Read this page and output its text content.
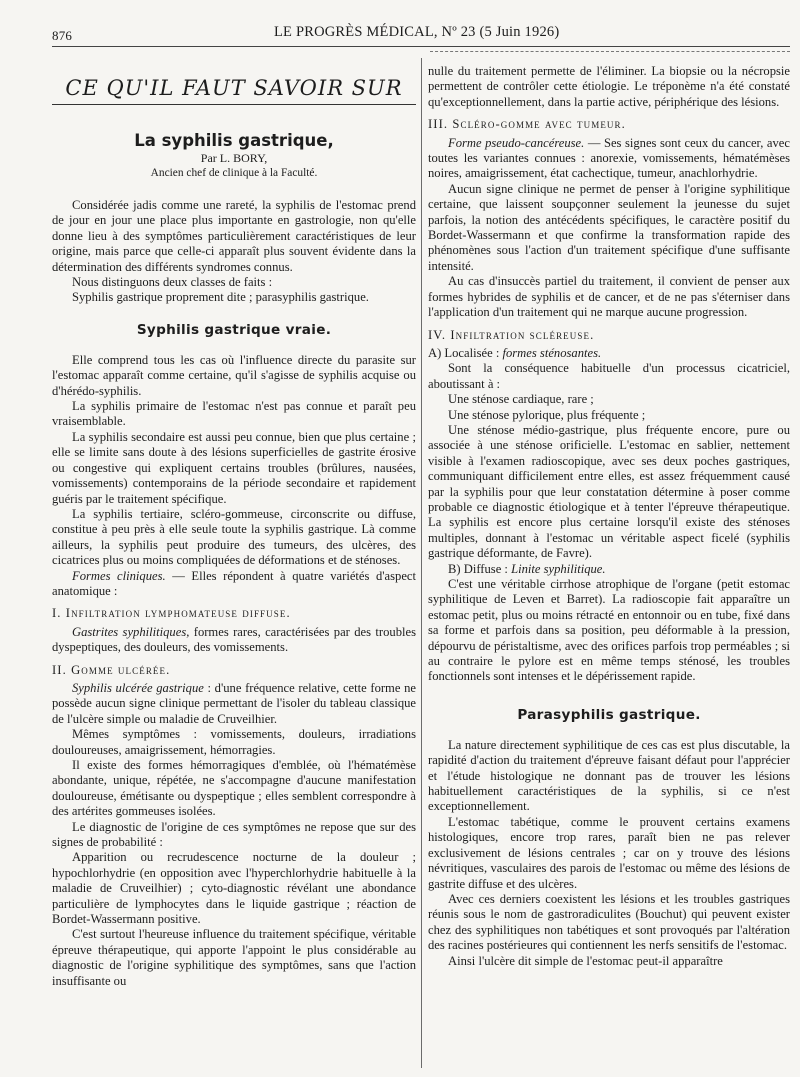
876	LE PROGRÈS MÉDICAL, Nº 23 (5 Juin 1926)
CE QU'IL FAUT SAVOIR SUR
La syphilis gastrique,

Par L. BORY,

Ancien chef de clinique à la Faculté.

Considérée jadis comme une rareté, la syphilis de l'estomac prend de jour en jour une place plus importante en gastrologie, non qu'elle donne lieu à des symptômes particulièrement caractéristiques de leur origine, mais parce que celle-ci apparaît plus souvent évidente dans la détermination des différents syndromes connus.

Nous distinguons deux classes de faits :

Syphilis gastrique proprement dite ; parasyphilis gastrique.

Syphilis gastrique vraie.

Elle comprend tous les cas où l'influence directe du parasite sur l'estomac apparaît comme certaine, qu'il s'agisse de syphilis acquise ou d'hérédo-syphilis.

La syphilis primaire de l'estomac n'est pas connue et paraît peu vraisemblable.

La syphilis secondaire est aussi peu connue, bien que plus certaine ; elle se limite sans doute à des lésions superficielles de gastrite érosive ou congestive qui expliquent certains troubles (brûlures, nausées, vomissements) contemporains de la période secondaire et rapidement guéris par le traitement spécifique.

La syphilis tertiaire, scléro-gommeuse, circonscrite ou diffuse, constitue à peu près à elle seule toute la syphilis gastrique. Là comme ailleurs, la syphilis peut produire des tumeurs, des ulcères, des cicatrices plus ou moins compliquées de déformations et de sténoses.

Formes cliniques. — Elles répondent à quatre variétés d'aspect anatomique :

I. Infiltration lymphomateuse diffuse.

Gastrites syphilitiques, formes rares, caractérisées par des troubles dyspeptiques, des douleurs, des vomissements.

II. Gomme ulcérée.

Syphilis ulcérée gastrique : d'une fréquence relative, cette forme ne possède aucun signe clinique permettant de l'isoler du tableau classique de l'ulcère simple ou maladie de Cruveilhier.

Mêmes symptômes : vomissements, douleurs, irradiations douloureuses, amaigrissement, hémorragies.

Il existe des formes hémorragiques d'emblée, où l'hématémèse abondante, unique, répétée, ne s'accompagne d'aucune manifestation douloureuse, émétisante ou dyspeptique ; elles semblent correspondre à des artérites gommeuses isolées.

Le diagnostic de l'origine de ces symptômes ne repose que sur des signes de probabilité :

Apparition ou recrudescence nocturne de la douleur ; hypochlorhydrie (en opposition avec l'hyperchlorhydrie habituelle à la maladie de Cruveilhier) ; cyto-diagnostic révélant une abondance particulière de lymphocytes dans le liquide gastrique ; réaction de Bordet-Wassermann positive.

C'est surtout l'heureuse influence du traitement spécifique, véritable épreuve thérapeutique, qui apporte l'appoint le plus considérable au diagnostic de l'origine syphilitique des symptômes, sans que l'action insuffisante ou

nulle du traitement permette de l'éliminer. La biopsie ou la nécropsie permettent de contrôler cette étiologie. Le tréponème n'a été constaté qu'exceptionnellement, dans la partie active, périphérique des lésions.

III. Scléro-gomme avec tumeur.

Forme pseudo-cancéreuse. — Ses signes sont ceux du cancer, avec toutes les variantes connues : anorexie, vomissements, hématémèses noires, amaigrissement, état cachectique, tumeur, anachlorhydrie.

Aucun signe clinique ne permet de penser à l'origine syphilitique certaine, que laissent soupçonner seulement la jeunesse du sujet parfois, la notion des antécédents spécifiques, le caractère positif du Bordet-Wassermann et que confirme la transformation rapide des phénomènes sous l'action d'un traitement spécifique d'une suffisante intensité.

Au cas d'insuccès partiel du traitement, il convient de penser aux formes hybrides de syphilis et de cancer, et de ne pas s'éterniser dans l'application d'un traitement qui ne marque aucune progression.

IV. Infiltration scléreuse.

A) Localisée : formes sténosantes.

Sont la conséquence habituelle d'un processus cicatriciel, aboutissant à :

Une sténose cardiaque, rare ;

Une sténose pylorique, plus fréquente ;

Une sténose médio-gastrique, plus fréquente encore, pure ou associée à une sténose orificielle. L'estomac en sablier, nettement visible à l'examen radioscopique, avec ses deux poches gastriques, communiquant difficilement entre elles, est assez fréquemment causé par la syphilis pour que leur constatation détermine à poser comme probable ce diagnostic étiologique et à tenter l'épreuve thérapeutique. La syphilis est encore plus certaine lorsqu'il existe des sténoses multiples, donnant à l'estomac un véritable aspect ficelé (syphilis gastrique déformante, de Favre).

B) Diffuse : Linite syphilitique.

C'est une véritable cirrhose atrophique de l'organe (petit estomac syphilitique de Leven et Barret). La radioscopie fait apparaître un estomac petit, plus ou moins rétracté en entonnoir ou en tube, fixé dans sa forme et parfois dans sa position, peu déformable à la pression, dépourvu de péristaltisme, avec des orifices parfois trop perméables ; si au contraire le pylore est en même temps sténosé, les troubles fonctionnels sont intenses et le dépérissement rapide.

Parasyphilis gastrique.

La nature directement syphilitique de ces cas est plus discutable, la rapidité d'action du traitement d'épreuve faisant défaut pour l'apprécier et l'étude histologique ne donnant pas de trouver les lésions habituellement caractéristiques de la syphilis, si ce n'est exceptionnellement.

L'estomac tabétique, comme le prouvent certains examens histologiques, encore trop rares, paraît bien ne pas relever exclusivement de lésions centrales ; car on y trouve des lésions névritiques, vasculaires des parois de l'estomac ou même des lésions de gastrite diffuse et des ulcères.

Avec ces derniers coexistent les lésions et les troubles gastriques réunis sous le nom de gastroradiculites (Bouchut) qui peuvent exister chez des syphilitiques non tabétiques et sont provoqués par l'altération des racines postérieures qui contiennent les nerfs sensitifs de l'estomac.

Ainsi l'ulcère dit simple de l'estomac peut-il apparaître
